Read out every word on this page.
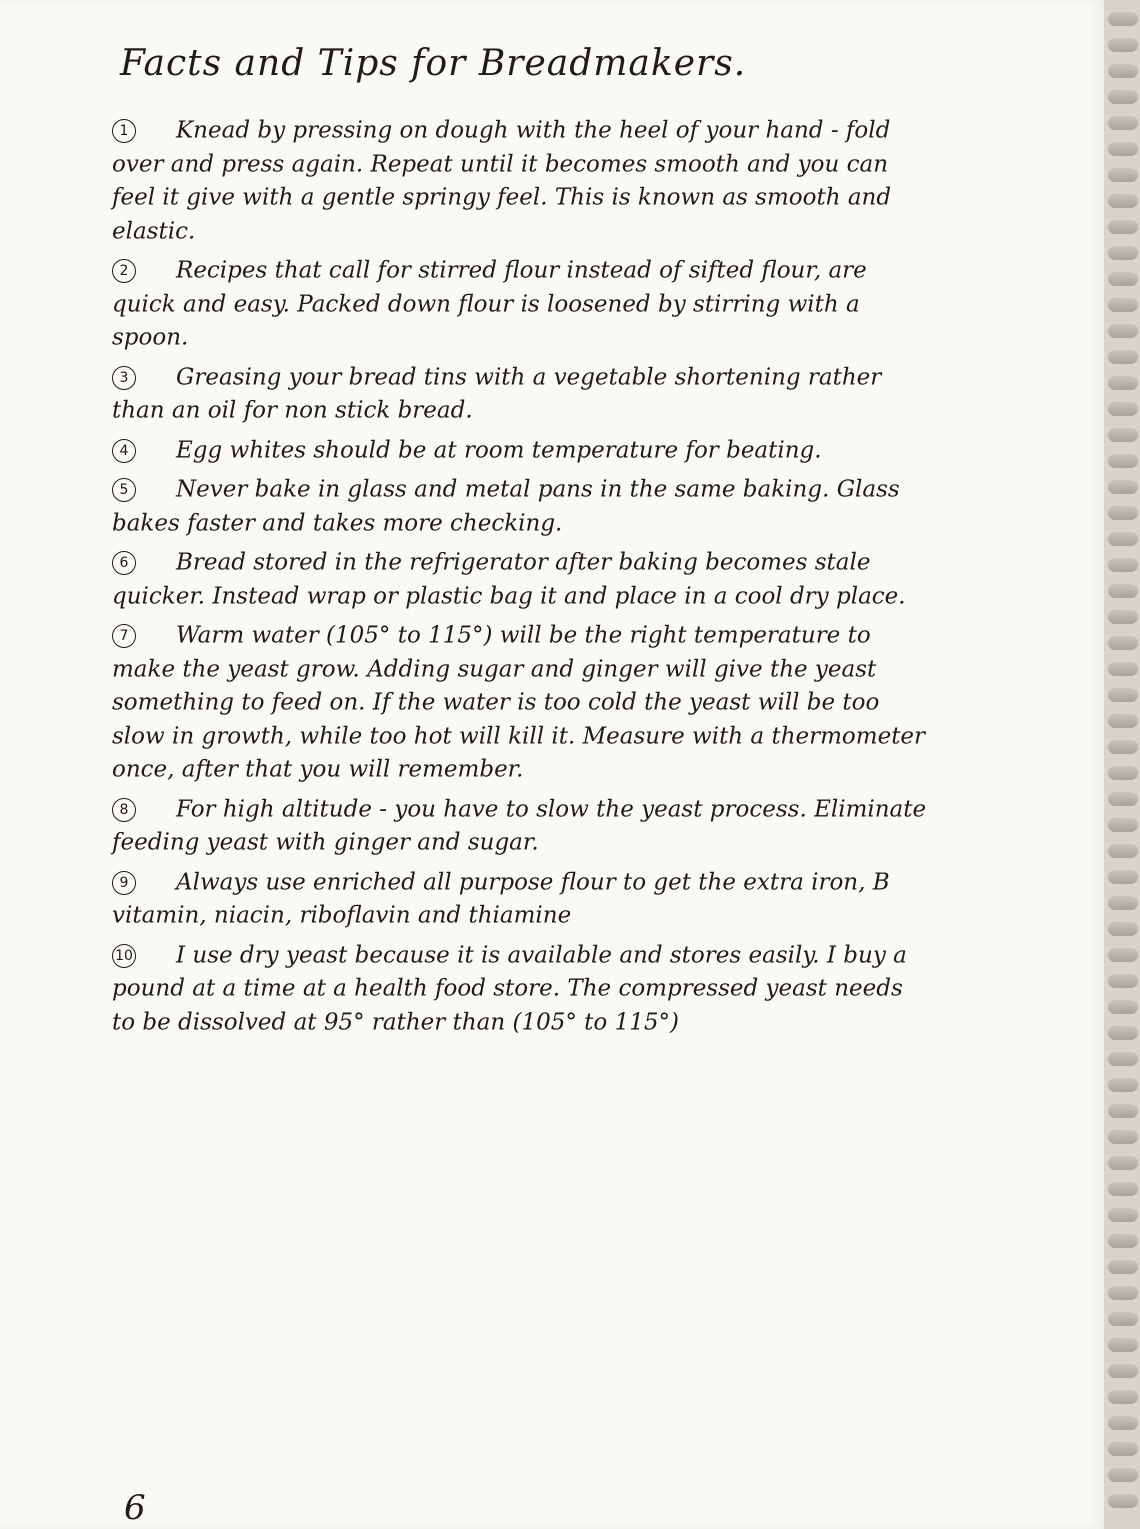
Facts and Tips for Breadmakers.
1 Knead by pressing on dough with the heel of your hand - fold over and press again. Repeat until it becomes smooth and you can feel it give with a gentle springy feel. This is known as smooth and elastic.
2 Recipes that call for stirred flour instead of sifted flour, are quick and easy. Packed down flour is loosened by stirring with a spoon.
3 Greasing your bread tins with a vegetable shortening rather than an oil for non stick bread.
4 Egg whites should be at room temperature for beating.
5 Never bake in glass and metal pans in the same baking. Glass bakes faster and takes more checking.
6 Bread stored in the refrigerator after baking becomes stale quicker. Instead wrap or plastic bag it and place in a cool dry place.
7 Warm water (105° to 115°) will be the right temperature to make the yeast grow. Adding sugar and ginger will give the yeast something to feed on. If the water is too cold the yeast will be too slow in growth, while too hot will kill it. Measure with a thermometer once, after that you will remember.
8 For high altitude - you have to slow the yeast process. Eliminate feeding yeast with ginger and sugar.
9 Always use enriched all purpose flour to get the extra iron, B vitamin, niacin, riboflavin and thiamine
10 I use dry yeast because it is available and stores easily. I buy a pound at a time at a health food store. The compressed yeast needs to be dissolved at 95° rather than (105° to 115°)
6
